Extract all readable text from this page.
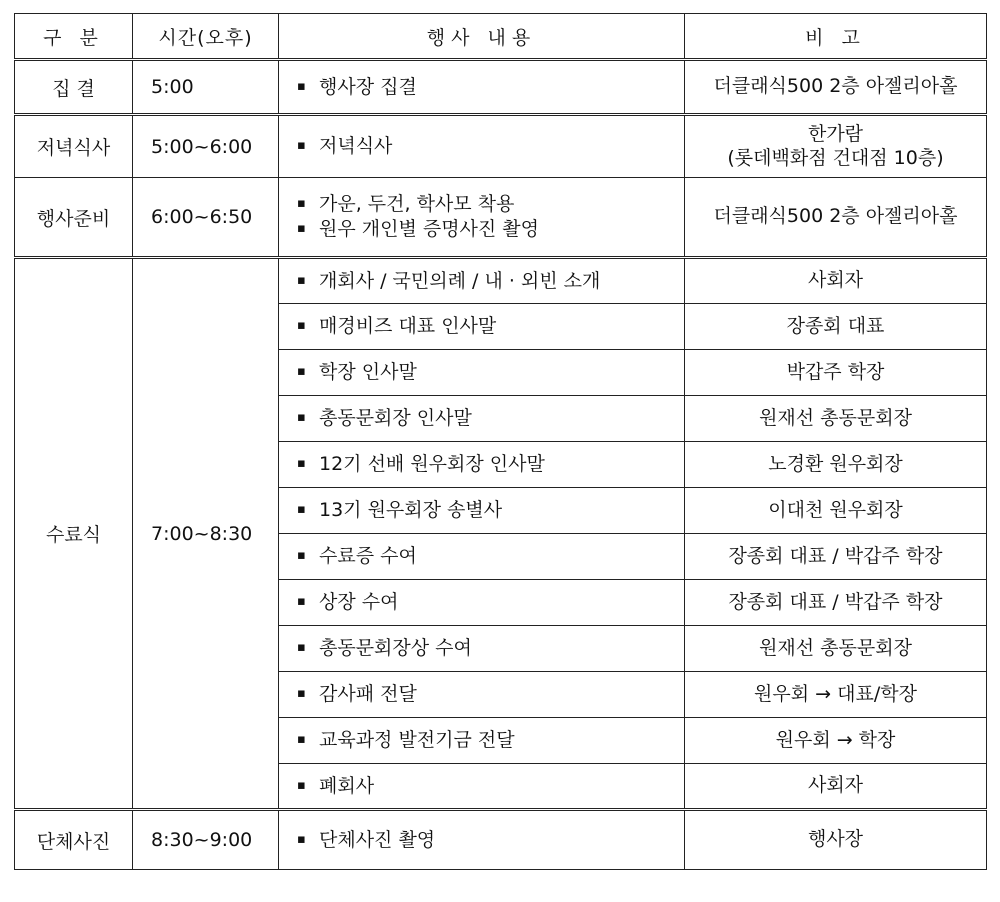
구 분	시간(오후)	행사 내용	비 고
집 결	5:00	▪ 행사장 집결	더클래식500 2층 아젤리아홀

저녁식사	5:00~6:00	▪ 저녁식사	한가람
(롯데백화점 건대점 10층)

행사준비	6:00~6:50	▪ 가운, 두건, 학사모 착용
▪ 원우 개인별 증명사진 촬영	더클래식500 2층 아젤리아홀

수료식	7:00~8:30	▪ 개회사 / 국민의례 / 내 · 외빈 소개	사회자

		▪ 매경비즈 대표 인사말	장종회 대표

		▪ 학장 인사말	박갑주 학장

		▪ 총동문회장 인사말	원재선 총동문회장

		▪ 12기 선배 원우회장 인사말	노경환 원우회장

		▪ 13기 원우회장 송별사	이대천 원우회장

		▪ 수료증 수여	장종회 대표 / 박갑주 학장

		▪ 상장 수여	장종회 대표 / 박갑주 학장

		▪ 총동문회장상 수여	원재선 총동문회장

		▪ 감사패 전달	원우회 → 대표/학장

		▪ 교육과정 발전기금 전달	원우회 → 학장

		▪ 폐회사	사회자
단체사진	8:30~9:00	▪ 단체사진 촬영	행사장
